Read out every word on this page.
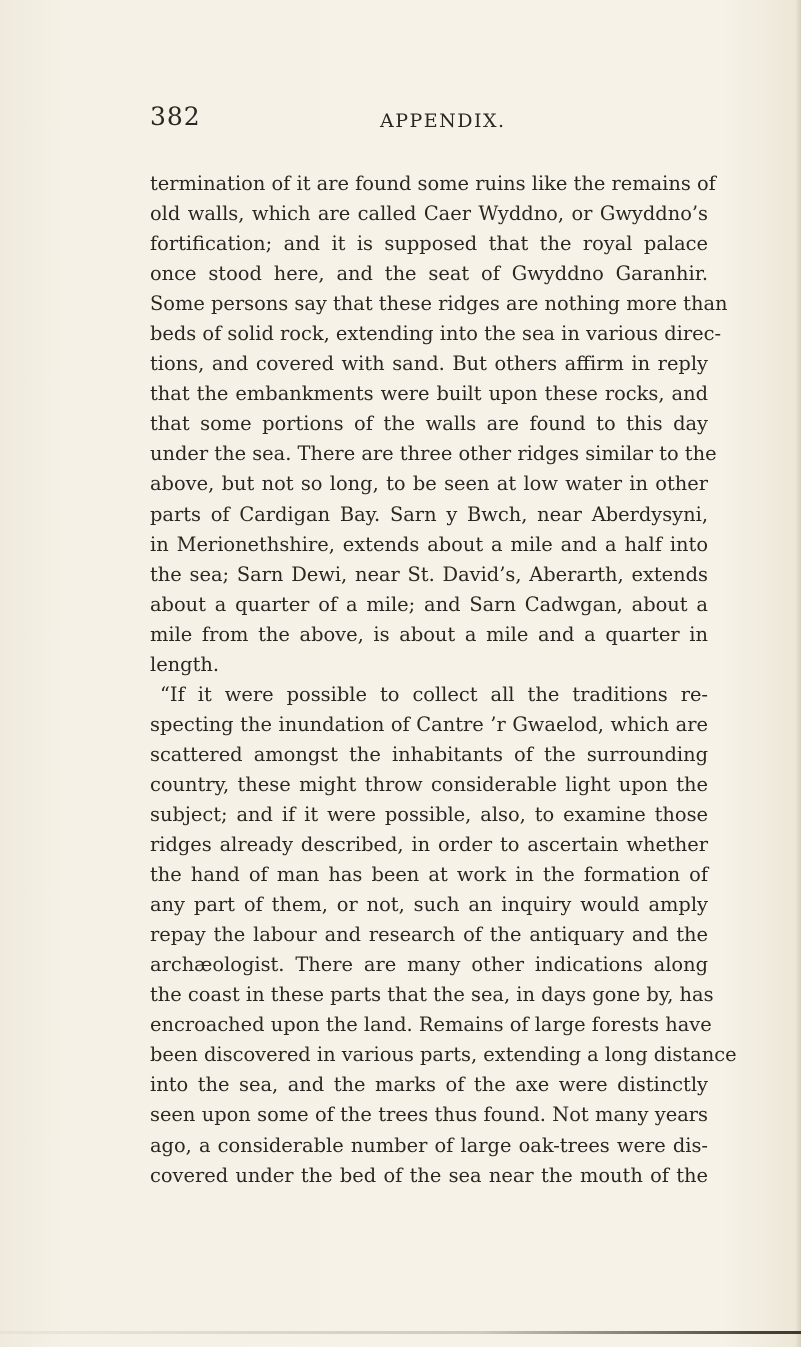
382	APPENDIX.
termination of it are found some ruins like the remains of
old walls, which are called Caer Wyddno, or Gwyddno’s
fortification; and it is supposed that the royal palace
once stood here, and the seat of Gwyddno Garanhir.
Some persons say that these ridges are nothing more than
beds of solid rock, extending into the sea in various direc-
tions, and covered with sand. But others affirm in reply
that the embankments were built upon these rocks, and
that some portions of the walls are found to this day
under the sea. There are three other ridges similar to the
above, but not so long, to be seen at low water in other
parts of Cardigan Bay. Sarn y Bwch, near Aberdysyni,
in Merionethshire, extends about a mile and a half into
the sea; Sarn Dewi, near St. David’s, Aberarth, extends
about a quarter of a mile; and Sarn Cadwgan, about a
mile from the above, is about a mile and a quarter in
length.
“If it were possible to collect all the traditions re-
specting the inundation of Cantre ’r Gwaelod, which are
scattered amongst the inhabitants of the surrounding
country, these might throw considerable light upon the
subject; and if it were possible, also, to examine those
ridges already described, in order to ascertain whether
the hand of man has been at work in the formation of
any part of them, or not, such an inquiry would amply
repay the labour and research of the antiquary and the
archæologist. There are many other indications along
the coast in these parts that the sea, in days gone by, has
encroached upon the land. Remains of large forests have
been discovered in various parts, extending a long distance
into the sea, and the marks of the axe were distinctly
seen upon some of the trees thus found. Not many years
ago, a considerable number of large oak-trees were dis-
covered under the bed of the sea near the mouth of the
